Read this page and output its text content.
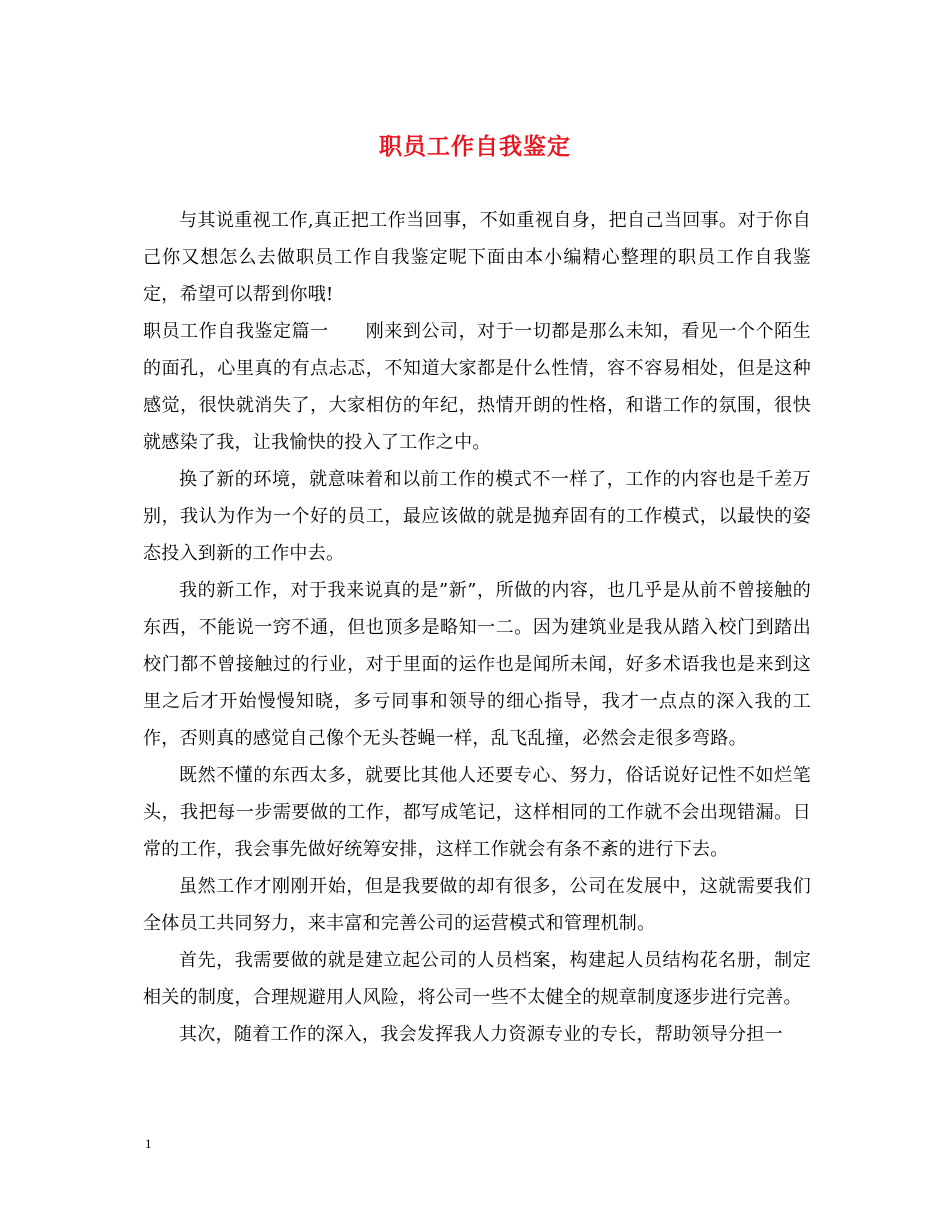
职员工作自我鉴定

与其说重视工作,真正把工作当回事，不如重视自身，把自己当回事。对于你自己你又想怎么去做职员工作自我鉴定呢下面由本小编精心整理的职员工作自我鉴定，希望可以帮到你哦!

职员工作自我鉴定篇一　　刚来到公司，对于一切都是那么未知，看见一个个陌生的面孔，心里真的有点忐忑，不知道大家都是什么性情，容不容易相处，但是这种感觉，很快就消失了，大家相仿的年纪，热情开朗的性格，和谐工作的氛围，很快就感染了我，让我愉快的投入了工作之中。

换了新的环境，就意味着和以前工作的模式不一样了，工作的内容也是千差万别，我认为作为一个好的员工，最应该做的就是抛弃固有的工作模式，以最快的姿态投入到新的工作中去。

我的新工作，对于我来说真的是”新”，所做的内容，也几乎是从前不曾接触的东西，不能说一窍不通，但也顶多是略知一二。因为建筑业是我从踏入校门到踏出校门都不曾接触过的行业，对于里面的运作也是闻所未闻，好多术语我也是来到这里之后才开始慢慢知晓，多亏同事和领导的细心指导，我才一点点的深入我的工作，否则真的感觉自己像个无头苍蝇一样，乱飞乱撞，必然会走很多弯路。

既然不懂的东西太多，就要比其他人还要专心、努力，俗话说好记性不如烂笔头，我把每一步需要做的工作，都写成笔记，这样相同的工作就不会出现错漏。日常的工作，我会事先做好统筹安排，这样工作就会有条不紊的进行下去。

虽然工作才刚刚开始，但是我要做的却有很多，公司在发展中，这就需要我们全体员工共同努力，来丰富和完善公司的运营模式和管理机制。

首先，我需要做的就是建立起公司的人员档案，构建起人员结构花名册，制定相关的制度，合理规避用人风险，将公司一些不太健全的规章制度逐步进行完善。

其次，随着工作的深入，我会发挥我人力资源专业的专长，帮助领导分担一

1
